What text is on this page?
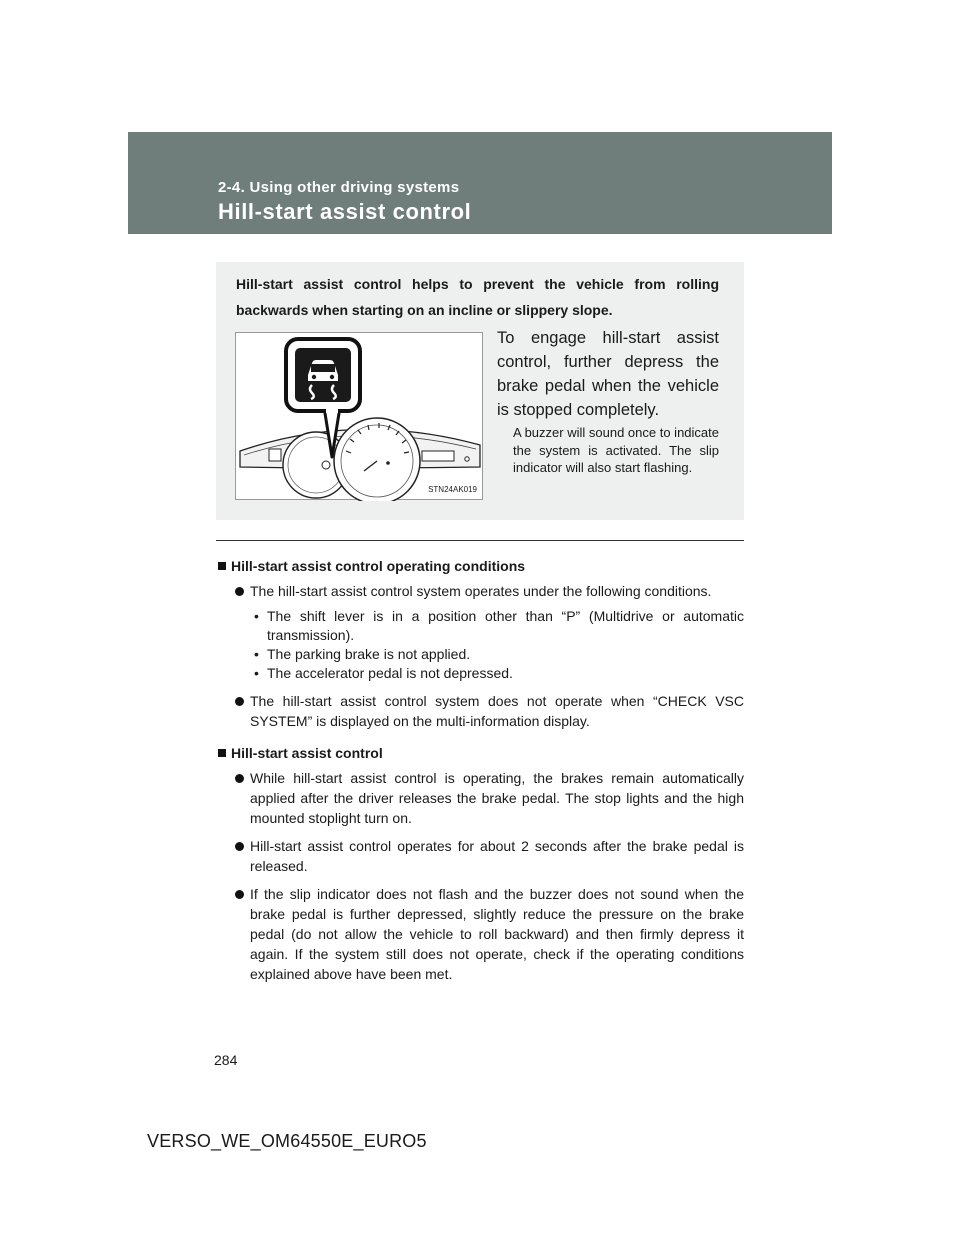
2-4. Using other driving systems
Hill-start assist control
Hill-start assist control helps to prevent the vehicle from rolling backwards when starting on an incline or slippery slope.
STN24AK019
To engage hill-start assist control, further depress the brake pedal when the vehicle is stopped completely.
A buzzer will sound once to indicate the system is activated. The slip indicator will also start flashing.
Hill-start assist control operating conditions
The hill-start assist control system operates under the following conditions.
• The shift lever is in a position other than “P” (Multidrive or automatic transmission).
• The parking brake is not applied.
• The accelerator pedal is not depressed.
The hill-start assist control system does not operate when “CHECK VSC SYSTEM” is displayed on the multi-information display.
Hill-start assist control
While hill-start assist control is operating, the brakes remain automatically applied after the driver releases the brake pedal. The stop lights and the high mounted stoplight turn on.
Hill-start assist control operates for about 2 seconds after the brake pedal is released.
If the slip indicator does not flash and the buzzer does not sound when the brake pedal is further depressed, slightly reduce the pressure on the brake pedal (do not allow the vehicle to roll backward) and then firmly depress it again. If the system still does not operate, check if the operating conditions explained above have been met.
284
VERSO_WE_OM64550E_EURO5
